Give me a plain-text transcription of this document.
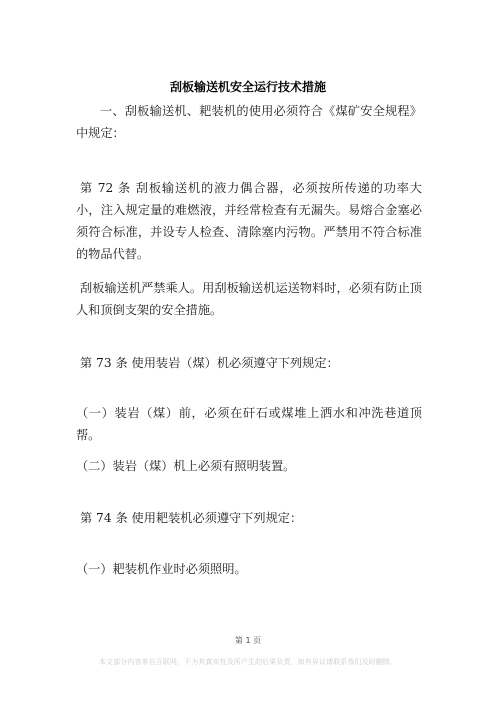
刮板输送机安全运行技术措施
一、刮板输送机、耙装机的使用必须符合《煤矿安全规程》中规定：
第 72 条 刮板输送机的液力偶合器，必须按所传递的功率大小，注入规定量的难燃液，并经常检查有无漏失。易熔合金塞必须符合标准，并设专人检查、清除塞内污物。严禁用不符合标准的物品代替。
刮板输送机严禁乘人。用刮板输送机运送物料时，必须有防止顶人和顶倒支架的安全措施。
第 73 条 使用装岩（煤）机必须遵守下列规定：
（一）装岩（煤）前，必须在矸石或煤堆上洒水和冲洗巷道顶帮。
（二）装岩（煤）机上必须有照明装置。
第 74 条 使用耙装机必须遵守下列规定：
（一）耙装机作业时必须照明。
第 1 页
本文部分内容来自互联网，不为其真实性及所产生的后果负责，如有异议请联系我们及时删除。
